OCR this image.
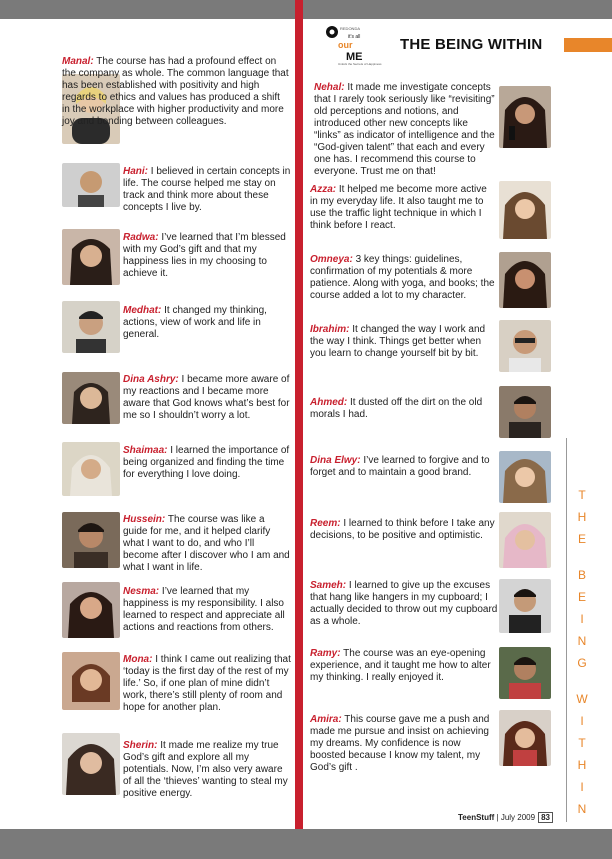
REDONDA
it's all
our
ME
Unlock the Secrets of Happiness
THE BEING WITHIN
Manal: The course has had a profound effect on the company as whole. The common language that has been established with positivity and high regards to ethics and values has produced a shift in the workplace with higher productivity and more joy and bonding between colleagues.
Hani: I believed in certain concepts in life. The course helped me stay on track and think more about these concepts I live by.
Radwa: I’ve learned that I’m blessed with my God’s gift and that my happiness lies in my choosing to achieve it.
Medhat: It changed my thinking, actions, view of work and life in general.
Dina Ashry: I became more aware of my reactions and I became more aware that God knows what’s best for me so I shouldn’t worry a lot.
Shaimaa: I learned the importance of being organized and finding the time for everything I love doing.
Hussein: The course was like a guide for me, and it helped clarify what I want to do, and who I’ll become after I discover who I am and what I want in life.
Nesma: I’ve learned that my happiness is my responsibility. I also learned to respect and appreciate all actions and reactions from others.
Mona: I think I came out realizing that ‘today is the first day of the rest of my life.’ So, if one plan of mine didn’t work, there’s still plenty of room and hope for another plan.
Sherin: It made me realize my true God’s gift and explore all my potentials. Now, I’m also very aware of all the ‘thieves’ wanting to steal my positive energy.
Nehal: It made me investigate concepts that I rarely took seriously like “revisiting” old perceptions and notions, and introduced other new concepts like “links” as indicator of intelligence and the “God-given talent” that each and every one has. I recommend this course to everyone. Trust me on that!
Azza: It helped me become more active in my everyday life. It also taught me to use the traffic light technique in which I think before I react.
Omneya: 3 key things: guidelines, confirmation of my potentials & more patience. Along with yoga, and books; the course added a lot to my character.
Ibrahim: It changed the way I work and the way I think. Things get better when you learn to change yourself bit by bit.
Ahmed: It dusted off the dirt on the old morals I had.
Dina Elwy: I’ve learned to forgive and to forget and to maintain a good brand.
Reem: I learned to think before I take any decisions, to be positive and optimistic.
Sameh: I learned to give up the excuses that hang like hangers in my cupboard; I actually decided to throw out my cupboard as a whole.
Ramy: The course was an eye-opening experience, and it taught me how to alter my thinking. I really enjoyed it.
Amira: This course gave me a push and made me pursue and insist on achieving my dreams. My confidence is now boosted because I know my talent, my God’s gift .
T
H
E
B
E
I
N
G
W
I
T
H
I
N
TeenStuff | July 2009 83
